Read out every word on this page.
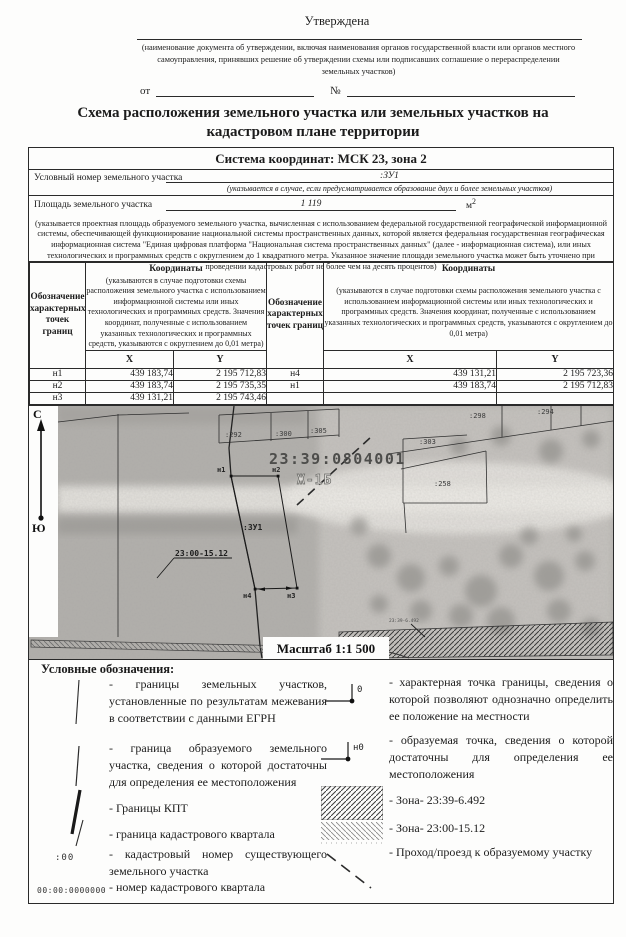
Утверждена
(наименование документа об утверждении, включая наименования органов государственной власти или органов местного самоуправления, принявших решение об утверждении схемы или подписавших соглашение о перераспределении земельных участков)
от	№
Схема расположения земельного участка или земельных участков на кадастровом плане территории
Система координат: МСК 23, зона 2
Условный номер земельного участка	:ЗУ1
(указывается в случае, если предусматривается образование двух и более земельных участков)
Площадь земельного участка	1 119	$м^2$
(указывается проектная площадь образуемого земельного участка, вычисленная с использованием федеральной государственной географической информационной системы, обеспечивающей функционирование национальной системы пространственных данных, которой является федеральная государственная географическая информационная система "Единая цифровая платформа "Национальная система пространственных данных" (далее - информационная система), или иных технологических и программных средств с округлением до 1 квадратного метра. Указанное значение площади земельного участка может быть уточнено при проведении кадастровых работ не более чем на десять процентов)
Обозначение характерных точек границ	Координаты		Обозначение характерных точек границ	Координаты	
(указываются в случае подготовки схемы расположения земельного участка с использованием информационной системы или иных технологических и программных средств. Значения координат, полученные с использованием указанных технологических и программных средств, указываются с округлением до 0,01 метра)	(указываются в случае подготовки схемы расположения земельного участка с использованием информационной системы или иных технологических и программных средств. Значения координат, полученные с использованием указанных технологических и программных средств, указываются с округлением до 0,01 метра)
	X	Y		X	Y
н1	439 183,74	2 195 712,83	н4	439 131,21	2 195 723,36
н2	439 183,74	2 195 735,35	н1	439 183,74	2 195 712,83
н3	439 131,21	2 195 743,46			
С
Ю
:292	:300	:305
:298	:294
:303
:258
23:39:0804001
Ж-1Б
:ЗУ1
н1	н2
н3
н4
23:00-15.12
23:39-6.492
Масштаб 1:1 500
Условные обозначения:
- границы земельных участков, установленные по результатам межевания в соответствии с данными ЕГРН
- граница образуемого земельного участка, сведения о которой достаточны для определения ее местоположения
- Границы КПТ
- граница кадастрового квартала
:00	- кадастровый номер существующего земельного участка
00:00:0000000 - номер кадастрового квартала
0
- характерная точка границы, сведения о которой позволяют однозначно определить ее положение на местности
н0
- образуемая точка, сведения о которой достаточны для определения ее местоположения
- Зона- 23:39-6.492
- Зона- 23:00-15.12
- Проход/проезд к образуемому участку
